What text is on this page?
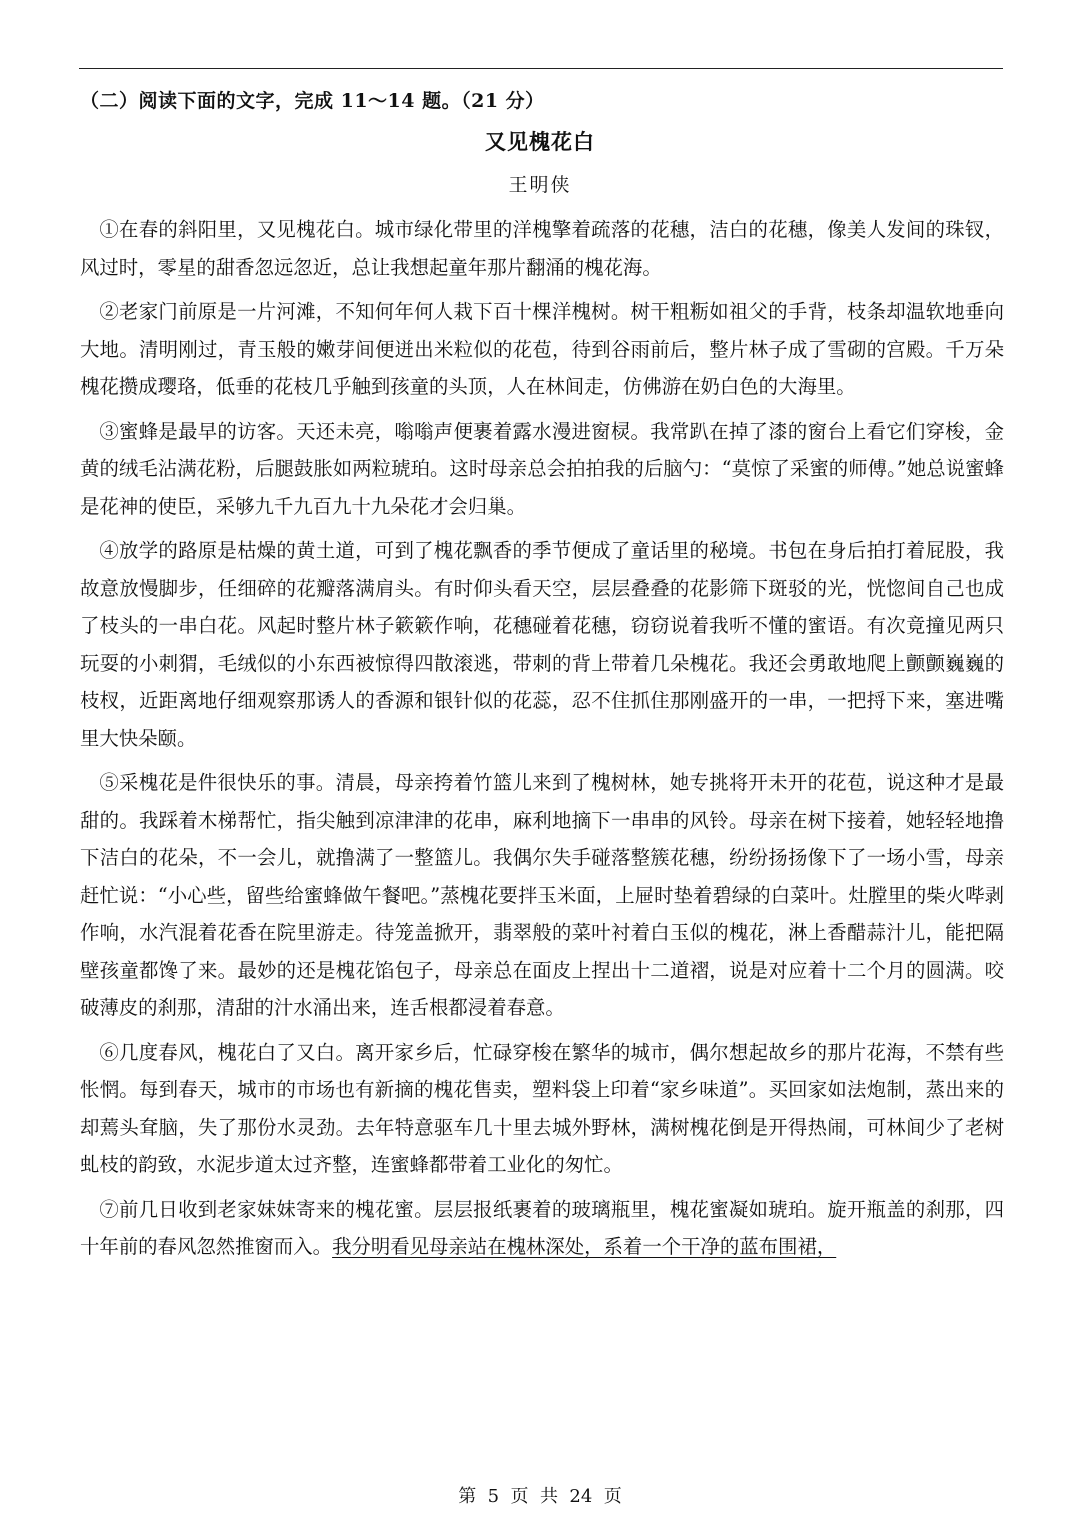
（二）阅读下面的文字，完成 11～14 题。（21 分）
又见槐花白
王明侠

①在春的斜阳里，又见槐花白。城市绿化带里的洋槐擎着疏落的花穗，洁白的花穗，像美人发间的珠钗，风过时，零星的甜香忽远忽近，总让我想起童年那片翻涌的槐花海。

②老家门前原是一片河滩，不知何年何人栽下百十棵洋槐树。树干粗粝如祖父的手背，枝条却温软地垂向大地。清明刚过，青玉般的嫩芽间便迸出米粒似的花苞，待到谷雨前后，整片林子成了雪砌的宫殿。千万朵槐花攒成璎珞，低垂的花枝几乎触到孩童的头顶，人在林间走，仿佛游在奶白色的大海里。

③蜜蜂是最早的访客。天还未亮，嗡嗡声便裹着露水漫进窗棂。我常趴在掉了漆的窗台上看它们穿梭，金黄的绒毛沾满花粉，后腿鼓胀如两粒琥珀。这时母亲总会拍拍我的后脑勺：“莫惊了采蜜的师傅。”她总说蜜蜂是花神的使臣，采够九千九百九十九朵花才会归巢。

④放学的路原是枯燥的黄土道，可到了槐花飘香的季节便成了童话里的秘境。书包在身后拍打着屁股，我故意放慢脚步，任细碎的花瓣落满肩头。有时仰头看天空，层层叠叠的花影筛下斑驳的光，恍惚间自己也成了枝头的一串白花。风起时整片林子簌簌作响，花穗碰着花穗，窃窃说着我听不懂的蜜语。有次竟撞见两只玩耍的小刺猬，毛绒似的小东西被惊得四散滚逃，带刺的背上带着几朵槐花。我还会勇敢地爬上颤颤巍巍的枝杈，近距离地仔细观察那诱人的香源和银针似的花蕊，忍不住抓住那刚盛开的一串，一把捋下来，塞进嘴里大快朵颐。

⑤采槐花是件很快乐的事。清晨，母亲挎着竹篮儿来到了槐树林，她专挑将开未开的花苞，说这种才是最甜的。我踩着木梯帮忙，指尖触到凉津津的花串，麻利地摘下一串串的风铃。母亲在树下接着，她轻轻地撸下洁白的花朵，不一会儿，就撸满了一整篮儿。我偶尔失手碰落整簇花穗，纷纷扬扬像下了一场小雪，母亲赶忙说：“小心些，留些给蜜蜂做午餐吧。”蒸槐花要拌玉米面，上屉时垫着碧绿的白菜叶。灶膛里的柴火哔剥作响，水汽混着花香在院里游走。待笼盖掀开，翡翠般的菜叶衬着白玉似的槐花，淋上香醋蒜汁儿，能把隔壁孩童都馋了来。最妙的还是槐花馅包子，母亲总在面皮上捏出十二道褶，说是对应着十二个月的圆满。咬破薄皮的刹那，清甜的汁水涌出来，连舌根都浸着春意。

⑥几度春风，槐花白了又白。离开家乡后，忙碌穿梭在繁华的城市，偶尔想起故乡的那片花海，不禁有些怅惘。每到春天，城市的市场也有新摘的槐花售卖，塑料袋上印着“家乡味道”。买回家如法炮制，蒸出来的却蔫头耷脑，失了那份水灵劲。去年特意驱车几十里去城外野林，满树槐花倒是开得热闹，可林间少了老树虬枝的韵致，水泥步道太过齐整，连蜜蜂都带着工业化的匆忙。

⑦前几日收到老家妹妹寄来的槐花蜜。层层报纸裹着的玻璃瓶里，槐花蜜凝如琥珀。旋开瓶盖的刹那，四十年前的春风忽然推窗而入。我分明看见母亲站在槐林深处，系着一个干净的蓝布围裙，

第  5  页  共  24  页
